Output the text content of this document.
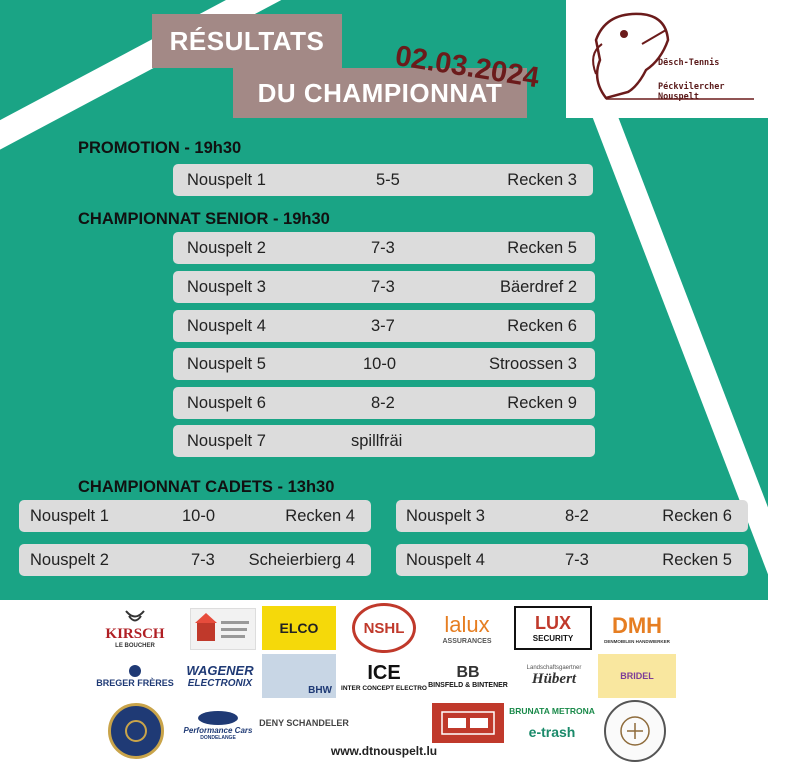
Dësch-Tennis
Péckvilercher Nouspelt
RÉSULTATS
DU CHAMPIONNAT
02.03.2024
PROMOTION - 19h30
Nouspelt 1	5-5	Recken 3
CHAMPIONNAT SENIOR - 19h30
Nouspelt 2	7-3	Recken 5
Nouspelt 3	7-3	Bäerdref 2
Nouspelt 4	3-7	Recken 6
Nouspelt 5	10-0	Stroossen 3
Nouspelt 6	8-2	Recken 9
Nouspelt 7	spillfräi
CHAMPIONNAT CADETS - 13h30
Nouspelt 1	10-0	Recken 4	Nouspelt 3	8-2	Recken 6
Nouspelt 2	7-3 Scheierbierg 4	Nouspelt 4	7-3	Recken 5
KIRSCH
LE BOUCHER
ELCO	NSHL lalux
ASSURANCES
LUX
SECURITY
DMH
DENMOBILEN HANDWIERKER
BREGER FRÈRES
WAGENER
ELECTRONIX
BHW
ICE
INTER CONCEPT ELECTRO
BB
BINSFELD & BINTENER
Landschaftsgaertner
Hübert	BRIDEL
Performance Cars
DONDELANGE
DENY SCHANDELER
BRUNATA METRONA
e-trash
www.dtnouspelt.lu
